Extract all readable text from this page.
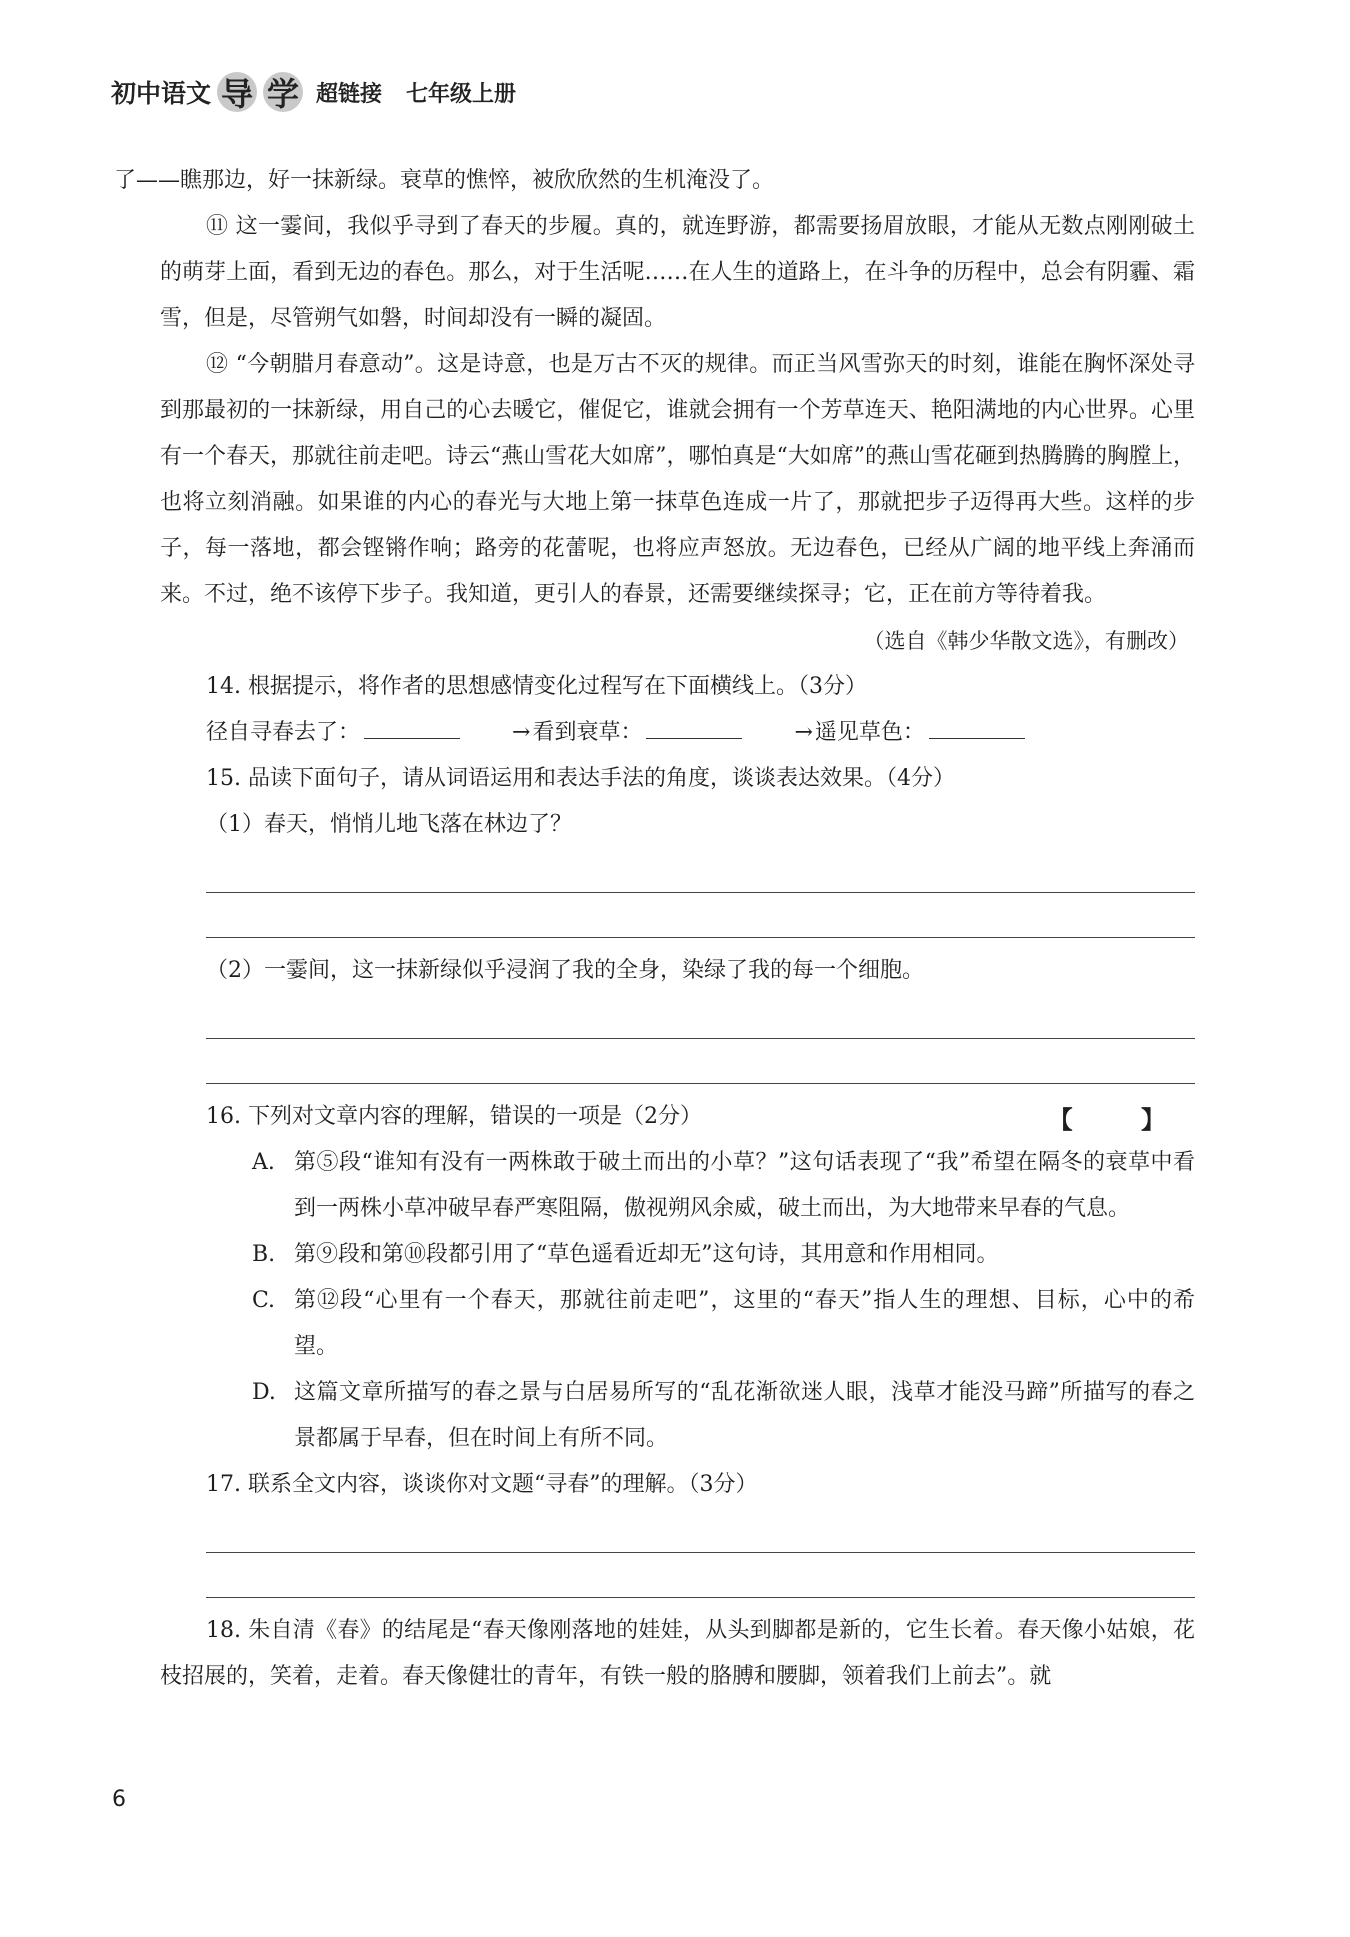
初中语文 导 学 超链接 七年级上册

了——瞧那边，好一抹新绿。衰草的憔悴，被欣欣然的生机淹没了。

⑪ 这一霎间，我似乎寻到了春天的步履。真的，就连野游，都需要扬眉放眼，才能从无数点刚刚破土的萌芽上面，看到无边的春色。那么，对于生活呢……在人生的道路上，在斗争的历程中，总会有阴霾、霜雪，但是，尽管朔气如磐，时间却没有一瞬的凝固。

⑫ “今朝腊月春意动”。这是诗意，也是万古不灭的规律。而正当风雪弥天的时刻，谁能在胸怀深处寻到那最初的一抹新绿，用自己的心去暖它，催促它，谁就会拥有一个芳草连天、艳阳满地的内心世界。心里有一个春天，那就往前走吧。诗云“燕山雪花大如席”，哪怕真是“大如席”的燕山雪花砸到热腾腾的胸膛上，也将立刻消融。如果谁的内心的春光与大地上第一抹草色连成一片了，那就把步子迈得再大些。这样的步子，每一落地，都会铿锵作响；路旁的花蕾呢，也将应声怒放。无边春色，已经从广阔的地平线上奔涌而来。不过，绝不该停下步子。我知道，更引人的春景，还需要继续探寻；它，正在前方等待着我。

（选自《韩少华散文选》，有删改）

14. 根据提示，将作者的思想感情变化过程写在下面横线上。（3分）

径自寻春去了：	→看到衰草：	→遥见草色：

15. 品读下面句子，请从词语运用和表达手法的角度，谈谈表达效果。（4分）

（1）春天，悄悄儿地飞落在林边了？

（2）一霎间，这一抹新绿似乎浸润了我的全身，染绿了我的每一个细胞。

16. 下列对文章内容的理解，错误的一项是（2分）	【 】
A. 第⑤段“谁知有没有一两株敢于破土而出的小草？”这句话表现了“我”希望在隔冬的衰草中看到一两株小草冲破早春严寒阻隔，傲视朔风余威，破土而出，为大地带来早春的气息。
B. 第⑨段和第⑩段都引用了“草色遥看近却无”这句诗，其用意和作用相同。
C. 第⑫段“心里有一个春天，那就往前走吧”，这里的“春天”指人生的理想、目标，心中的希望。
D. 这篇文章所描写的春之景与白居易所写的“乱花渐欲迷人眼，浅草才能没马蹄”所描写的春之景都属于早春，但在时间上有所不同。

17. 联系全文内容，谈谈你对文题“寻春”的理解。（3分）

18. 朱自清《春》的结尾是“春天像刚落地的娃娃，从头到脚都是新的，它生长着。春天像小姑娘，花枝招展的，笑着，走着。春天像健壮的青年，有铁一般的胳膊和腰脚，领着我们上前去”。就

6
